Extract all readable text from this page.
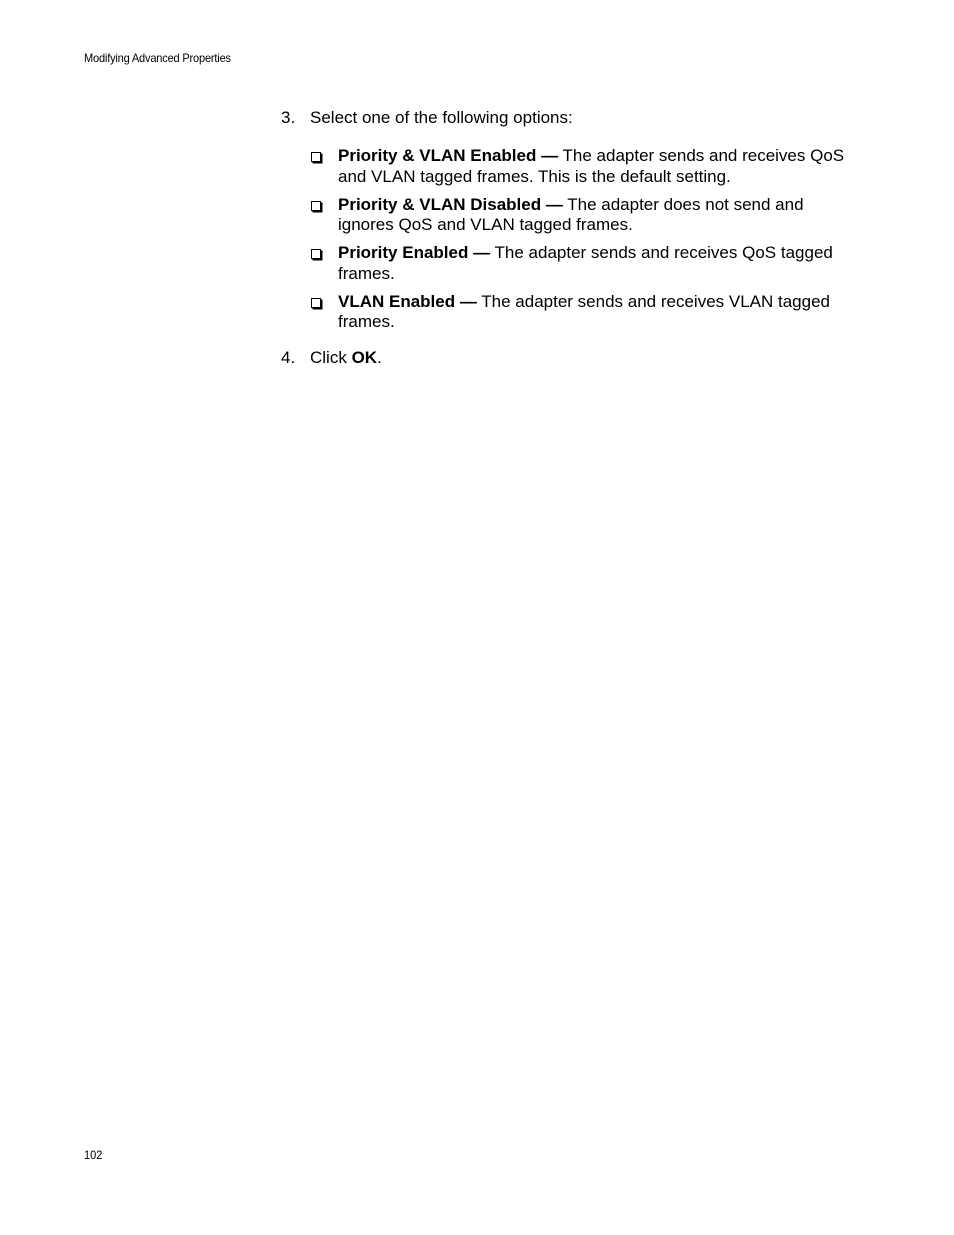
Modifying Advanced Properties
3. Select one of the following options:
Priority & VLAN Enabled — The adapter sends and receives QoS and VLAN tagged frames. This is the default setting.
Priority & VLAN Disabled — The adapter does not send and ignores QoS and VLAN tagged frames.
Priority Enabled — The adapter sends and receives QoS tagged frames.
VLAN Enabled — The adapter sends and receives VLAN tagged frames.
4. Click OK.
102
